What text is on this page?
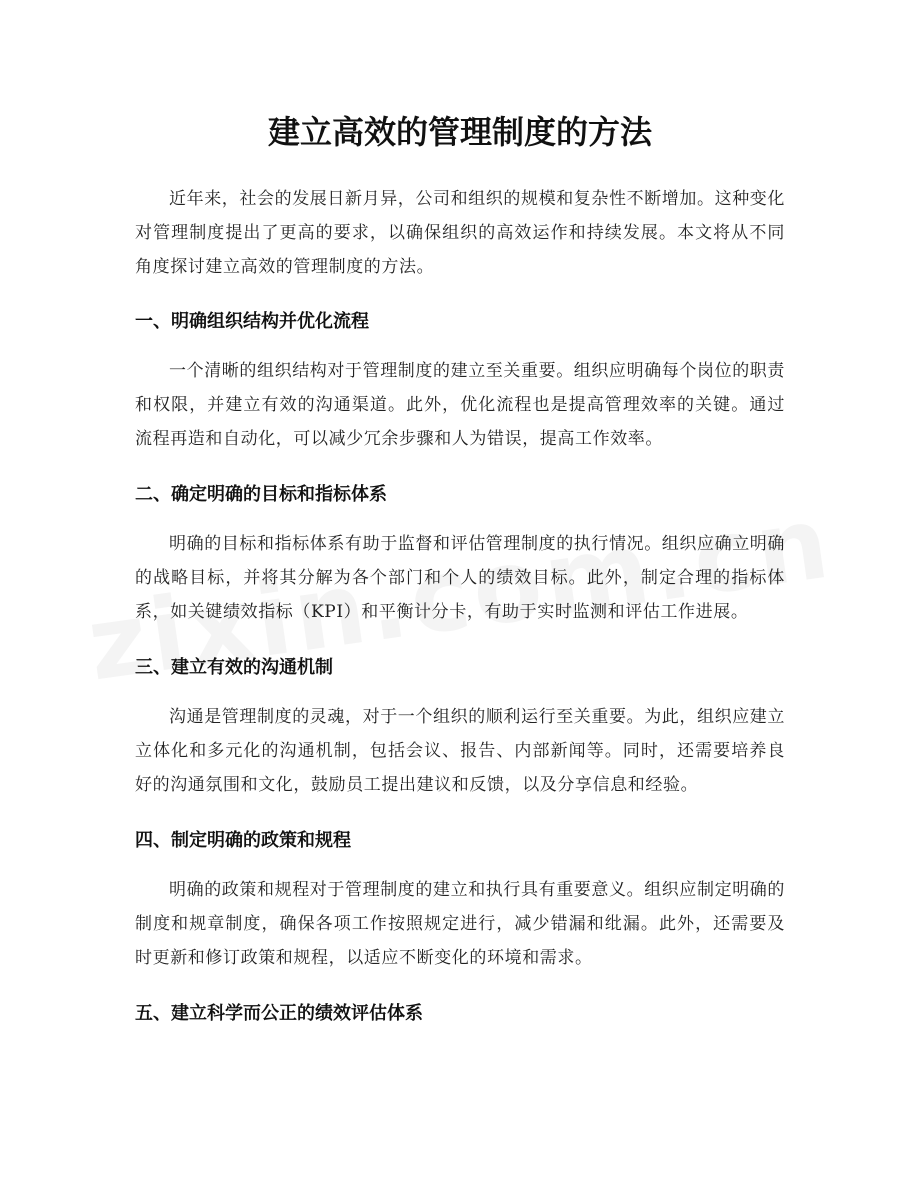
建立高效的管理制度的方法

近年来，社会的发展日新月异，公司和组织的规模和复杂性不断增加。这种变化对管理制度提出了更高的要求，以确保组织的高效运作和持续发展。本文将从不同角度探讨建立高效的管理制度的方法。

一、明确组织结构并优化流程

一个清晰的组织结构对于管理制度的建立至关重要。组织应明确每个岗位的职责和权限，并建立有效的沟通渠道。此外，优化流程也是提高管理效率的关键。通过流程再造和自动化，可以减少冗余步骤和人为错误，提高工作效率。

二、确定明确的目标和指标体系

明确的目标和指标体系有助于监督和评估管理制度的执行情况。组织应确立明确的战略目标，并将其分解为各个部门和个人的绩效目标。此外，制定合理的指标体系，如关键绩效指标（KPI）和平衡计分卡，有助于实时监测和评估工作进展。

三、建立有效的沟通机制

沟通是管理制度的灵魂，对于一个组织的顺利运行至关重要。为此，组织应建立立体化和多元化的沟通机制，包括会议、报告、内部新闻等。同时，还需要培养良好的沟通氛围和文化，鼓励员工提出建议和反馈，以及分享信息和经验。

四、制定明确的政策和规程

明确的政策和规程对于管理制度的建立和执行具有重要意义。组织应制定明确的制度和规章制度，确保各项工作按照规定进行，减少错漏和纰漏。此外，还需要及时更新和修订政策和规程，以适应不断变化的环境和需求。

五、建立科学而公正的绩效评估体系
